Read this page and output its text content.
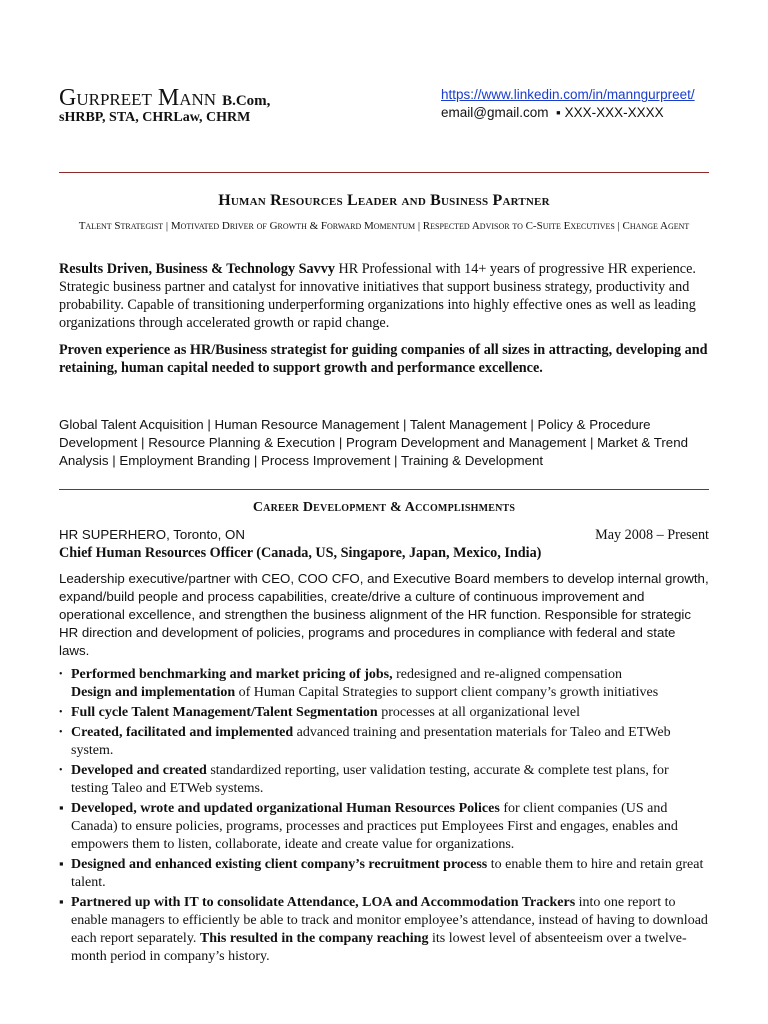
GURPREET MANN B.Com,
sHRBP, STA, CHRLaw, CHRM
https://www.linkedin.com/in/manngurpreet/
email@gmail.com ▪ XXX-XXX-XXXX
Human Resources Leader and Business Partner
Talent Strategist | Motivated Driver of Growth & Forward Momentum | Respected Advisor to C-Suite Executives | Change Agent
Results Driven, Business & Technology Savvy HR Professional with 14+ years of progressive HR experience. Strategic business partner and catalyst for innovative initiatives that support business strategy, productivity and probability. Capable of transitioning underperforming organizations into highly effective ones as well as leading organizations through accelerated growth or rapid change.
Proven experience as HR/Business strategist for guiding companies of all sizes in attracting, developing and retaining, human capital needed to support growth and performance excellence.
Global Talent Acquisition | Human Resource Management | Talent Management | Policy & Procedure Development | Resource Planning & Execution | Program Development and Management | Market & Trend Analysis | Employment Branding | Process Improvement | Training & Development
Career Development & Accomplishments
HR SUPERHERO, Toronto, ON	May 2008 – Present
Chief Human Resources Officer (Canada, US, Singapore, Japan, Mexico, India)
Leadership executive/partner with CEO, COO CFO, and Executive Board members to develop internal growth, expand/build people and process capabilities, create/drive a culture of continuous improvement and operational excellence, and strengthen the business alignment of the HR function. Responsible for strategic HR direction and development of policies, programs and procedures in compliance with federal and state laws.
• Performed benchmarking and market pricing of jobs, redesigned and re-aligned compensation
Design and implementation of Human Capital Strategies to support client company’s growth initiatives
• Full cycle Talent Management/Talent Segmentation processes at all organizational level
• Created, facilitated and implemented advanced training and presentation materials for Taleo and ETWeb system.
• Developed and created standardized reporting, user validation testing, accurate & complete test plans, for testing Taleo and ETWeb systems.
▪ Developed, wrote and updated organizational Human Resources Polices for client companies (US and Canada) to ensure policies, programs, processes and practices put Employees First and engages, enables and empowers them to listen, collaborate, ideate and create value for organizations.
▪ Designed and enhanced existing client company’s recruitment process to enable them to hire and retain great talent.
▪ Partnered up with IT to consolidate Attendance, LOA and Accommodation Trackers into one report to enable managers to efficiently be able to track and monitor employee’s attendance, instead of having to download each report separately. This resulted in the company reaching its lowest level of absenteeism over a twelve-month period in company’s history.
